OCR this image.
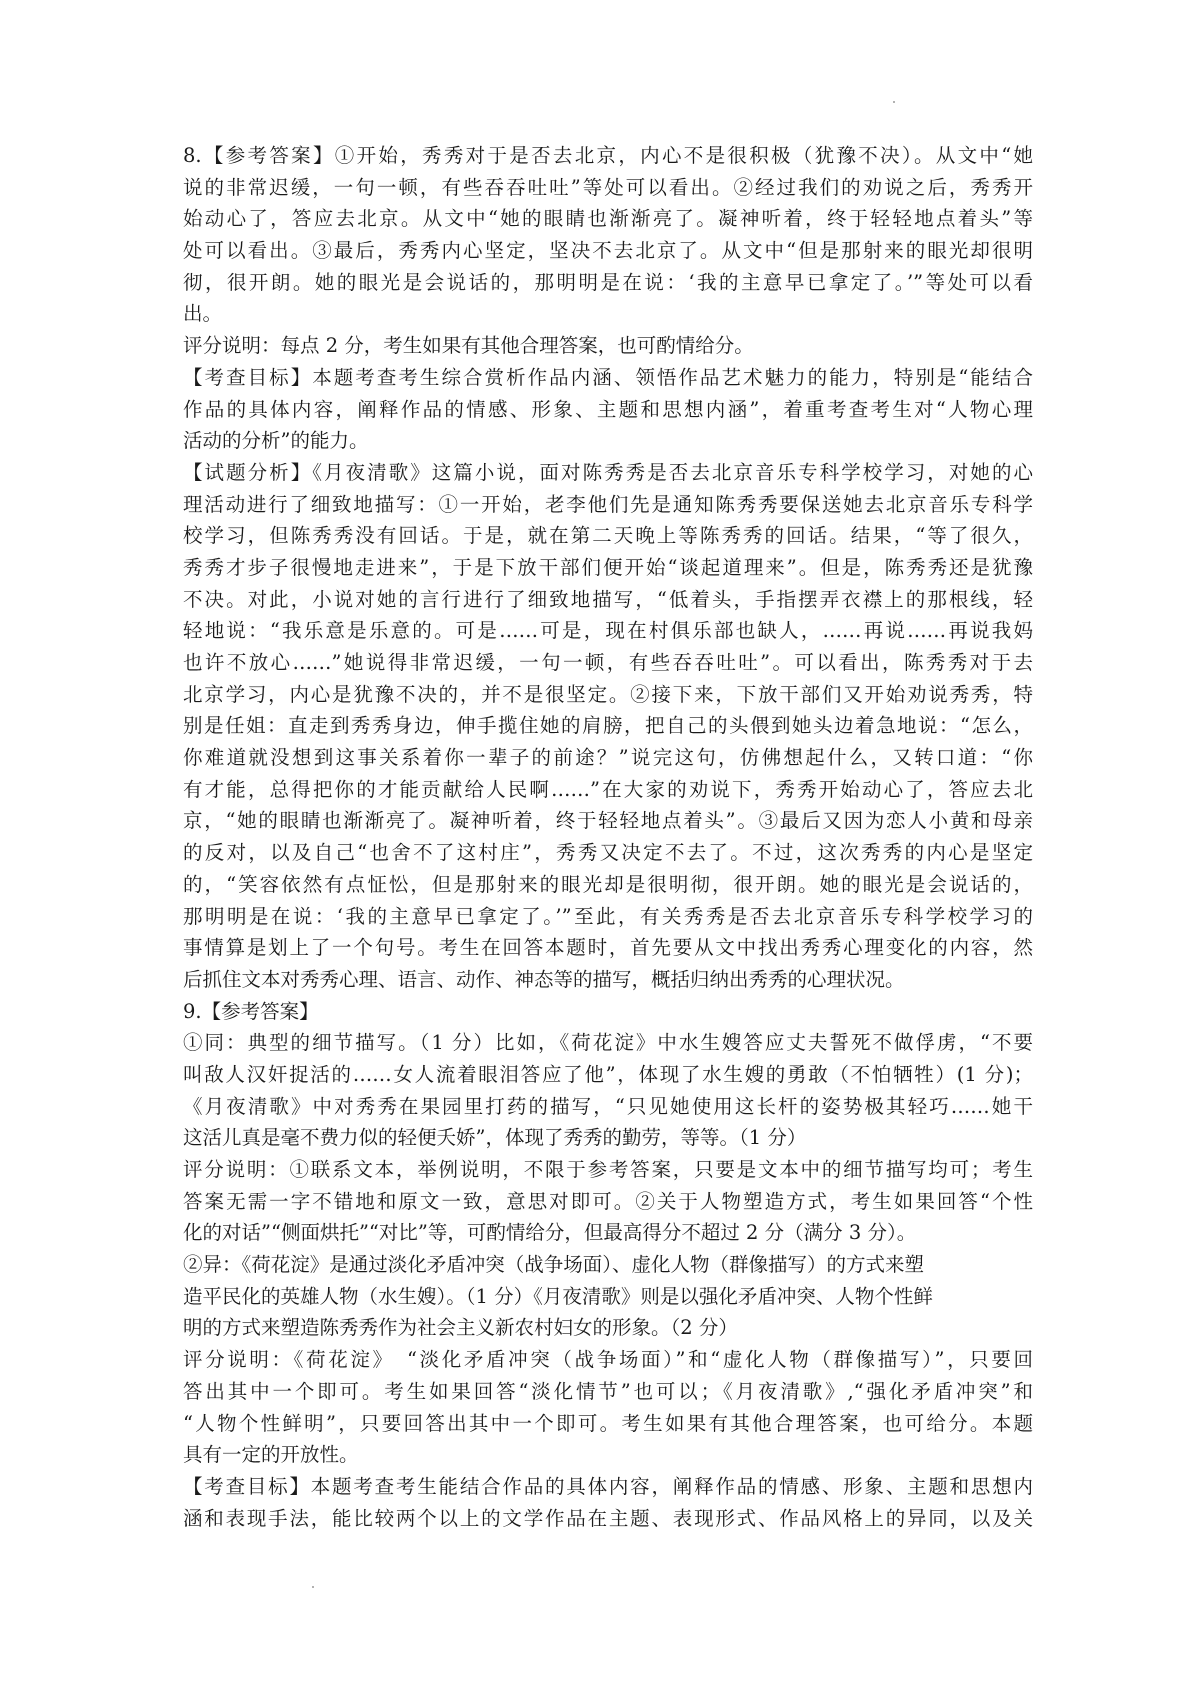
8.【参考答案】①开始，秀秀对于是否去北京，内心不是很积极（犹豫不决）。从文中“她
说的非常迟缓，一句一顿，有些吞吞吐吐”等处可以看出。②经过我们的劝说之后，秀秀开
始动心了，答应去北京。从文中“她的眼睛也渐渐亮了。凝神听着，终于轻轻地点着头”等
处可以看出。③最后，秀秀内心坚定，坚决不去北京了。从文中“但是那射来的眼光却很明
彻，很开朗。她的眼光是会说话的，那明明是在说：‘我的主意早已拿定了。’”等处可以看
出。
评分说明：每点 2 分，考生如果有其他合理答案，也可酌情给分。
【考查目标】本题考查考生综合赏析作品内涵、领悟作品艺术魅力的能力，特别是“能结合
作品的具体内容，阐释作品的情感、形象、主题和思想内涵”，着重考查考生对“人物心理
活动的分析”的能力。
【试题分析】《月夜清歌》这篇小说，面对陈秀秀是否去北京音乐专科学校学习，对她的心
理活动进行了细致地描写：①一开始，老李他们先是通知陈秀秀要保送她去北京音乐专科学
校学习，但陈秀秀没有回话。于是，就在第二天晚上等陈秀秀的回话。结果，“等了很久，
秀秀才步子很慢地走进来”，于是下放干部们便开始“谈起道理来”。但是，陈秀秀还是犹豫
不决。对此，小说对她的言行进行了细致地描写，“低着头，手指摆弄衣襟上的那根线，轻
轻地说：“我乐意是乐意的。可是……可是，现在村俱乐部也缺人，……再说……再说我妈
也许不放心……”她说得非常迟缓，一句一顿，有些吞吞吐吐”。可以看出，陈秀秀对于去
北京学习，内心是犹豫不决的，并不是很坚定。②接下来，下放干部们又开始劝说秀秀，特
别是任姐：直走到秀秀身边，伸手揽住她的肩膀，把自己的头偎到她头边着急地说：“怎么，
你难道就没想到这事关系着你一辈子的前途？”说完这句，仿佛想起什么，又转口道：“你
有才能，总得把你的才能贡献给人民啊……”在大家的劝说下，秀秀开始动心了，答应去北
京，“她的眼睛也渐渐亮了。凝神听着，终于轻轻地点着头”。③最后又因为恋人小黄和母亲
的反对，以及自己“也舍不了这村庄”，秀秀又决定不去了。不过，这次秀秀的内心是坚定
的，“笑容依然有点怔忪，但是那射来的眼光却是很明彻，很开朗。她的眼光是会说话的，
那明明是在说：‘我的主意早已拿定了。’”至此，有关秀秀是否去北京音乐专科学校学习的
事情算是划上了一个句号。考生在回答本题时，首先要从文中找出秀秀心理变化的内容，然
后抓住文本对秀秀心理、语言、动作、神态等的描写，概括归纳出秀秀的心理状况。
9.【参考答案】
①同：典型的细节描写。（1 分）比如，《荷花淀》中水生嫂答应丈夫誓死不做俘虏，“不要
叫敌人汉奸捉活的……女人流着眼泪答应了他”，体现了水生嫂的勇敢（不怕牺牲）(1 分)；
《月夜清歌》中对秀秀在果园里打药的描写，“只见她使用这长杆的姿势极其轻巧……她干
这活儿真是毫不费力似的轻便夭娇”，体现了秀秀的勤劳，等等。（1 分）
评分说明：①联系文本，举例说明，不限于参考答案，只要是文本中的细节描写均可；考生
答案无需一字不错地和原文一致，意思对即可。②关于人物塑造方式，考生如果回答“个性
化的对话”“侧面烘托”“对比”等，可酌情给分，但最高得分不超过 2 分（满分 3 分）。
②异：《荷花淀》是通过淡化矛盾冲突（战争场面）、虚化人物（群像描写）的方式来塑
造平民化的英雄人物（水生嫂）。（1 分）《月夜清歌》则是以强化矛盾冲突、人物个性鲜
明的方式来塑造陈秀秀作为社会主义新农村妇女的形象。（2 分）
评分说明：《荷花淀》　“淡化矛盾冲突（战争场面）”和“虚化人物（群像描写）”，只要回
答出其中一个即可。考生如果回答“淡化情节”也可以；《月夜清歌》,“强化矛盾冲突”和
“人物个性鲜明”，只要回答出其中一个即可。考生如果有其他合理答案，也可给分。本题
具有一定的开放性。
【考查目标】本题考查考生能结合作品的具体内容，阐释作品的情感、形象、主题和思想内
涵和表现手法，能比较两个以上的文学作品在主题、表现形式、作品风格上的异同，以及关
